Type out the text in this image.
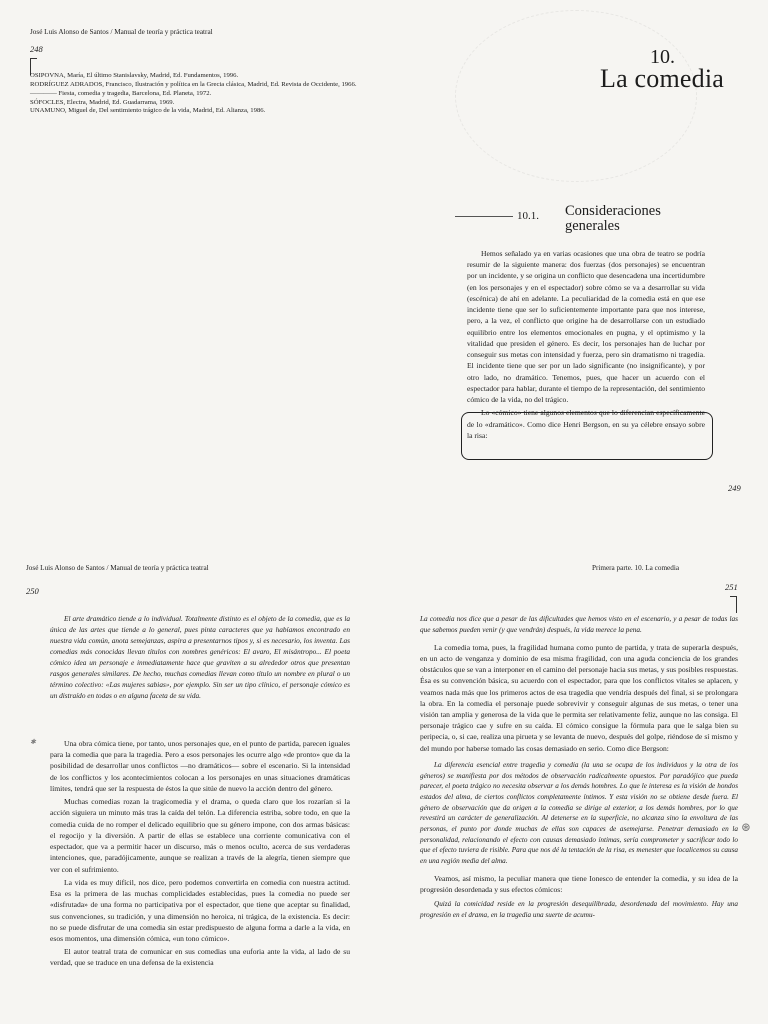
José Luis Alonso de Santos / Manual de teoría y práctica teatral
248

OSIPOVNA, María, El último Stanislavsky, Madrid, Ed. Fundamentos, 1996.

RODRÍGUEZ ADRADOS, Francisco, Ilustración y política en la Grecia clásica, Madrid, Ed. Revista de Occidente, 1966.

———— Fiesta, comedia y tragedia, Barcelona, Ed. Planeta, 1972.

SÓFOCLES, Electra, Madrid, Ed. Guadarrama, 1969.

UNAMUNO, Miguel de, Del sentimiento trágico de la vida, Madrid, Ed. Alianza, 1986.

10.
La comedia
10.1. Consideraciones generales

Hemos señalado ya en varias ocasiones que una obra de teatro se podría resumir de la siguiente manera: dos fuerzas (dos personajes) se encuentran por un incidente, y se origina un conflicto que desencadena una incertidumbre (en los personajes y en el espectador) sobre cómo se va a desarrollar su vida (escénica) de ahí en adelante. La peculiaridad de la comedia está en que ese incidente tiene que ser lo suficientemente importante para que nos interese, pero, a la vez, el conflicto que origine ha de desarrollarse con un estudiado equilibrio entre los elementos emocionales en pugna, y el optimismo y la vitalidad que presiden el género. Es decir, los personajes han de luchar por conseguir sus metas con intensidad y fuerza, pero sin dramatismo ni tragedia. El incidente tiene que ser por un lado significante (no insignificante), y por otro lado, no dramático. Tenemos, pues, que hacer un acuerdo con el espectador para hablar, durante el tiempo de la representación, del sentimiento cómico de la vida, no del trágico.

Lo «cómico» tiene algunos elementos que lo diferencian específicamente de lo «dramático». Como dice Henri Bergson, en su ya célebre ensayo sobre la risa:

249
José Luis Alonso de Santos / Manual de teoría y práctica teatral
250

El arte dramático tiende a lo individual. Totalmente distinto es el objeto de la comedia, que es la única de las artes que tiende a lo general, pues pinta caracteres que ya habíamos encontrado en nuestra vida común, anota semejanzas, aspira a presentarnos tipos y, si es necesario, los inventa. Las comedias más conocidas llevan títulos con nombres genéricos: El avaro, El misántropo... El poeta cómico idea un personaje e inmediatamente hace que graviten a su alrededor otros que presentan rasgos generales similares. De hecho, muchas comedias llevan como título un nombre en plural o un término colectivo: «Las mujeres sabias», por ejemplo. Sin ser un tipo clínico, el personaje cómico es un distraído en todas o en alguna faceta de su vida.

✱	Una obra cómica tiene, por tanto, unos personajes que, en el punto de partida, parecen iguales para la comedia que para la tragedia. Pero a esos personajes les ocurre algo «de pronto» que da la posibilidad de desarrollar unos conflictos —no dramáticos— sobre el escenario. Si la intensidad de los conflictos y los acontecimientos colocan a los personajes en unas situaciones dramáticas límites, tendrá que ser la respuesta de éstos la que sitúe de nuevo la acción dentro del género.

Muchas comedias rozan la tragicomedia y el drama, o queda claro que los rozarían si la acción siguiera un minuto más tras la caída del telón. La diferencia estriba, sobre todo, en que la comedia cuida de no romper el delicado equilibrio que su género impone, con dos armas básicas: el regocijo y la diversión. A partir de ellas se establece una corriente comunicativa con el espectador, que va a permitir hacer un discurso, más o menos oculto, acerca de sus verdaderas intenciones, que, paradójicamente, aunque se realizan a través de la alegría, tienen siempre que ver con el sufrimiento.

La vida es muy difícil, nos dice, pero podemos convertirla en comedia con nuestra actitud. Esa es la primera de las muchas complicidades establecidas, pues la comedia no puede ser «disfrutada» de una forma no participativa por el espectador, que tiene que aceptar su finalidad, sus convenciones, su tradición, y una dimensión no heroica, ni trágica, de la existencia. Es decir: no se puede disfrutar de una comedia sin estar predispuesto de alguna forma a darle a la vida, en esos momentos, una dimensión cómica, «un tono cómico».

El autor teatral trata de comunicar en sus comedias una euforia ante la vida, al lado de su verdad, que se traduce en una defensa de la existencia

Primera parte. 10. La comedia
251

La comedia nos dice que a pesar de las dificultades que hemos visto en el escenario, y a pesar de todas las que sabemos pueden venir (y que vendrán) después, la vida merece la pena.

La comedia toma, pues, la fragilidad humana como punto de partida, y trata de superarla después, en un acto de venganza y dominio de esa misma fragilidad, con una aguda conciencia de los grandes obstáculos que se van a interponer en el camino del personaje hacia sus metas, y sus posibles respuestas. Ésa es su convención básica, su acuerdo con el espectador, para que los conflictos vitales se aplacen, y veamos nada más que los primeros actos de esa tragedia que vendría después del final, si se prolongara la obra. En la comedia el personaje puede sobrevivir y conseguir algunas de sus metas, o tener una visión tan amplia y generosa de la vida que le permita ser relativamente feliz, aunque no las consiga. El personaje trágico cae y sufre en su caída. El cómico consigue la fórmula para que le salga bien su peripecia, o, si cae, realiza una pirueta y se levanta de nuevo, después del golpe, riéndose de sí mismo y del mundo por haberse tomado las cosas demasiado en serio. Como dice Bergson:

La diferencia esencial entre tragedia y comedia (la una se ocupa de los individuos y la otra de los géneros) se manifiesta por dos métodos de observación radicalmente opuestos. Por paradójico que pueda parecer, el poeta trágico no necesita observar a los demás hombres. Lo que le interesa es la visión de hondos estados del alma, de ciertos conflictos completamente íntimos. Y esta visión no se obtiene desde fuera. El género de observación que da origen a la comedia se dirige al exterior, a los demás hombres, por lo que revestirá un carácter de generalización. Al detenerse en la superficie, no alcanza sino la envoltura de las personas, el punto por donde muchas de ellas son capaces de asemejarse. Penetrar demasiado en la personalidad, relacionando el efecto con causas demasiado íntimas, sería comprometer y sacrificar todo lo que el efecto tuviera de risible. Para que nos dé la tentación de la risa, es menester que localicemos su causa en una región media del alma.

Veamos, así mismo, la peculiar manera que tiene Ionesco de entender la comedia, y su idea de la progresión desordenada y sus efectos cómicos:

Quizá la comicidad reside en la progresión desequilibrada, desordenada del movimiento. Hay una progresión en el drama, en la tragedia una suerte de acumu-

⊛
